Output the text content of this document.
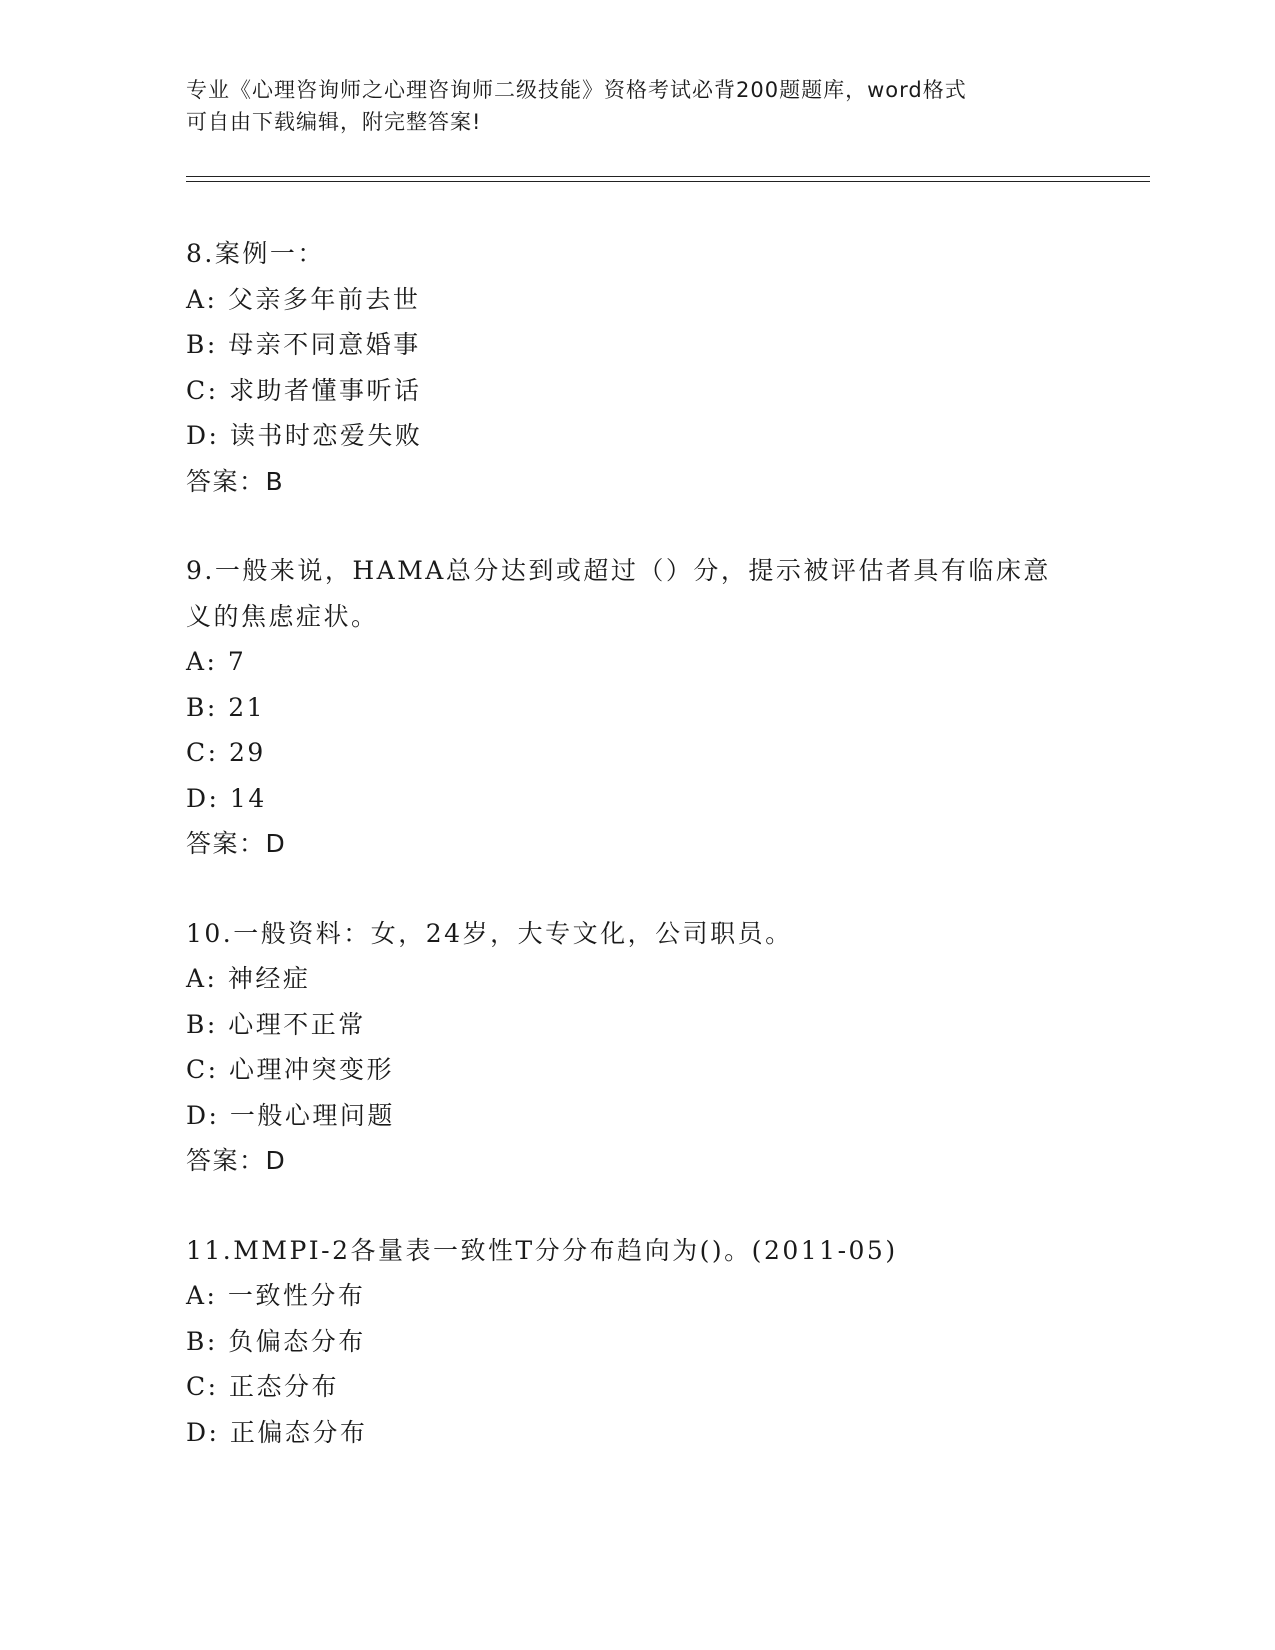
专业《心理咨询师之心理咨询师二级技能》资格考试必背200题题库，word格式

可自由下载编辑，附完整答案!

8.案例一：

A: 父亲多年前去世

B: 母亲不同意婚事

C: 求助者懂事听话

D: 读书时恋爱失败

答案：B

9.一般来说，HAMA总分达到或超过（）分，提示被评估者具有临床意

义的焦虑症状。

A: 7

B: 21

C: 29

D: 14

答案：D

10.一般资料：女，24岁，大专文化，公司职员。

A: 神经症

B: 心理不正常

C: 心理冲突变形

D: 一般心理问题

答案：D

11.MMPI-2各量表一致性T分分布趋向为()。(2011-05)

A: 一致性分布

B: 负偏态分布

C: 正态分布

D: 正偏态分布
